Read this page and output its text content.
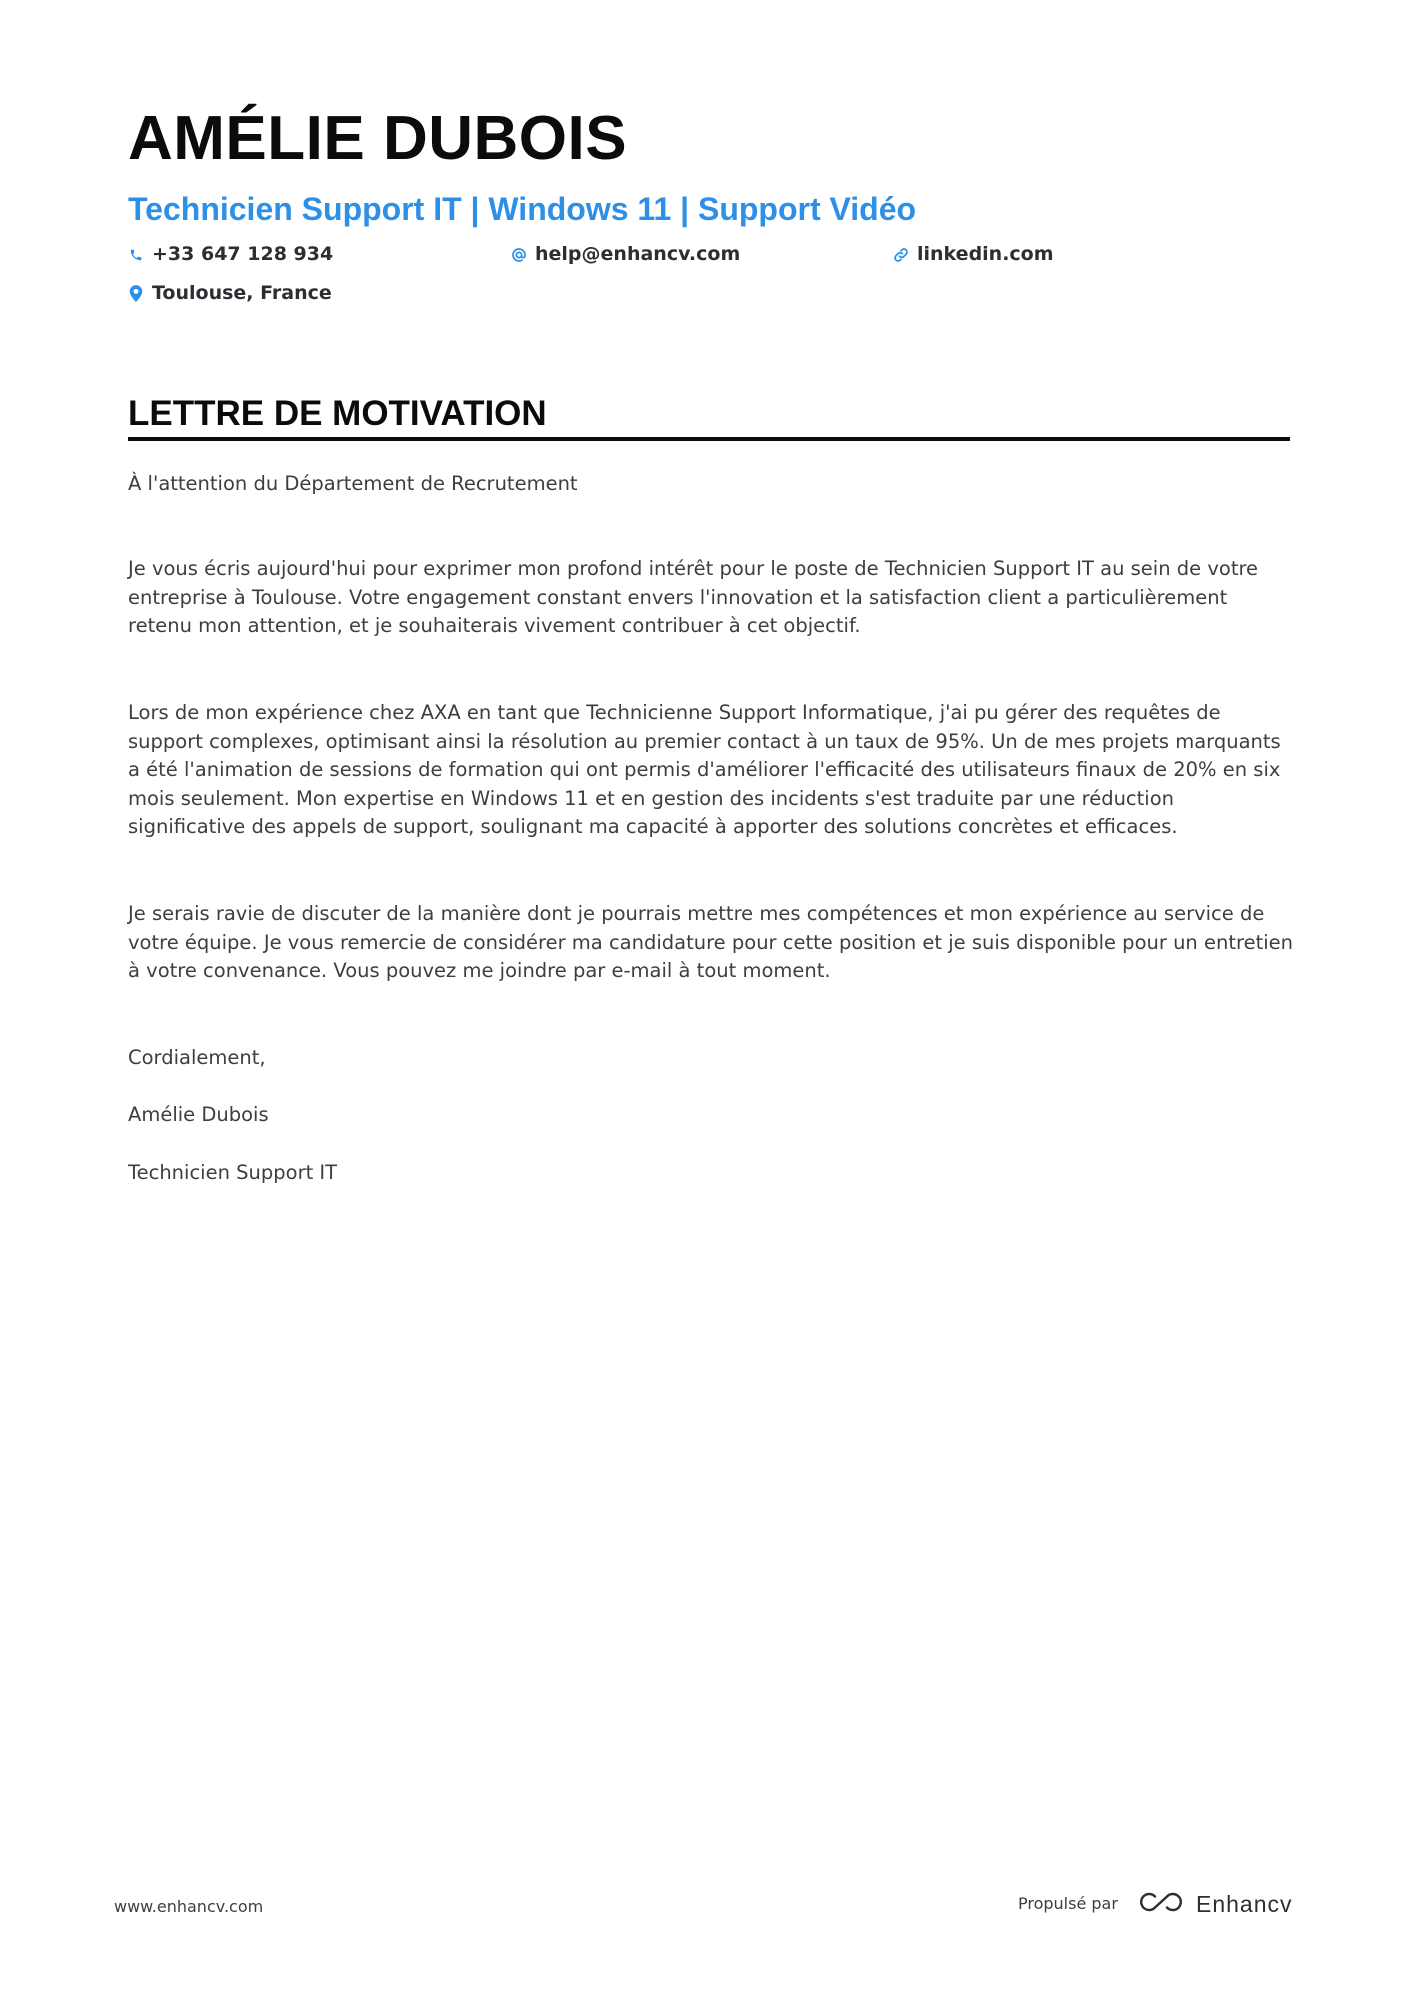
AMÉLIE DUBOIS
Technicien Support IT | Windows 11 | Support Vidéo
+33 647 128 934	help@enhancv.com	linkedin.com
Toulouse, France
LETTRE DE MOTIVATION

À l'attention du Département de Recrutement

Je vous écris aujourd'hui pour exprimer mon profond intérêt pour le poste de Technicien Support IT au sein de votre entreprise à Toulouse. Votre engagement constant envers l'innovation et la satisfaction client a particulièrement retenu mon attention, et je souhaiterais vivement contribuer à cet objectif.

Lors de mon expérience chez AXA en tant que Technicienne Support Informatique, j'ai pu gérer des requêtes de support complexes, optimisant ainsi la résolution au premier contact à un taux de 95%. Un de mes projets marquants a été l'animation de sessions de formation qui ont permis d'améliorer l'efficacité des utilisateurs finaux de 20% en six mois seulement. Mon expertise en Windows 11 et en gestion des incidents s'est traduite par une réduction significative des appels de support, soulignant ma capacité à apporter des solutions concrètes et efficaces.

Je serais ravie de discuter de la manière dont je pourrais mettre mes compétences et mon expérience au service de votre équipe. Je vous remercie de considérer ma candidature pour cette position et je suis disponible pour un entretien à votre convenance. Vous pouvez me joindre par e-mail à tout moment.

Cordialement,

Amélie Dubois

Technicien Support IT

www.enhancv.com	Propulsé par	Enhancv
